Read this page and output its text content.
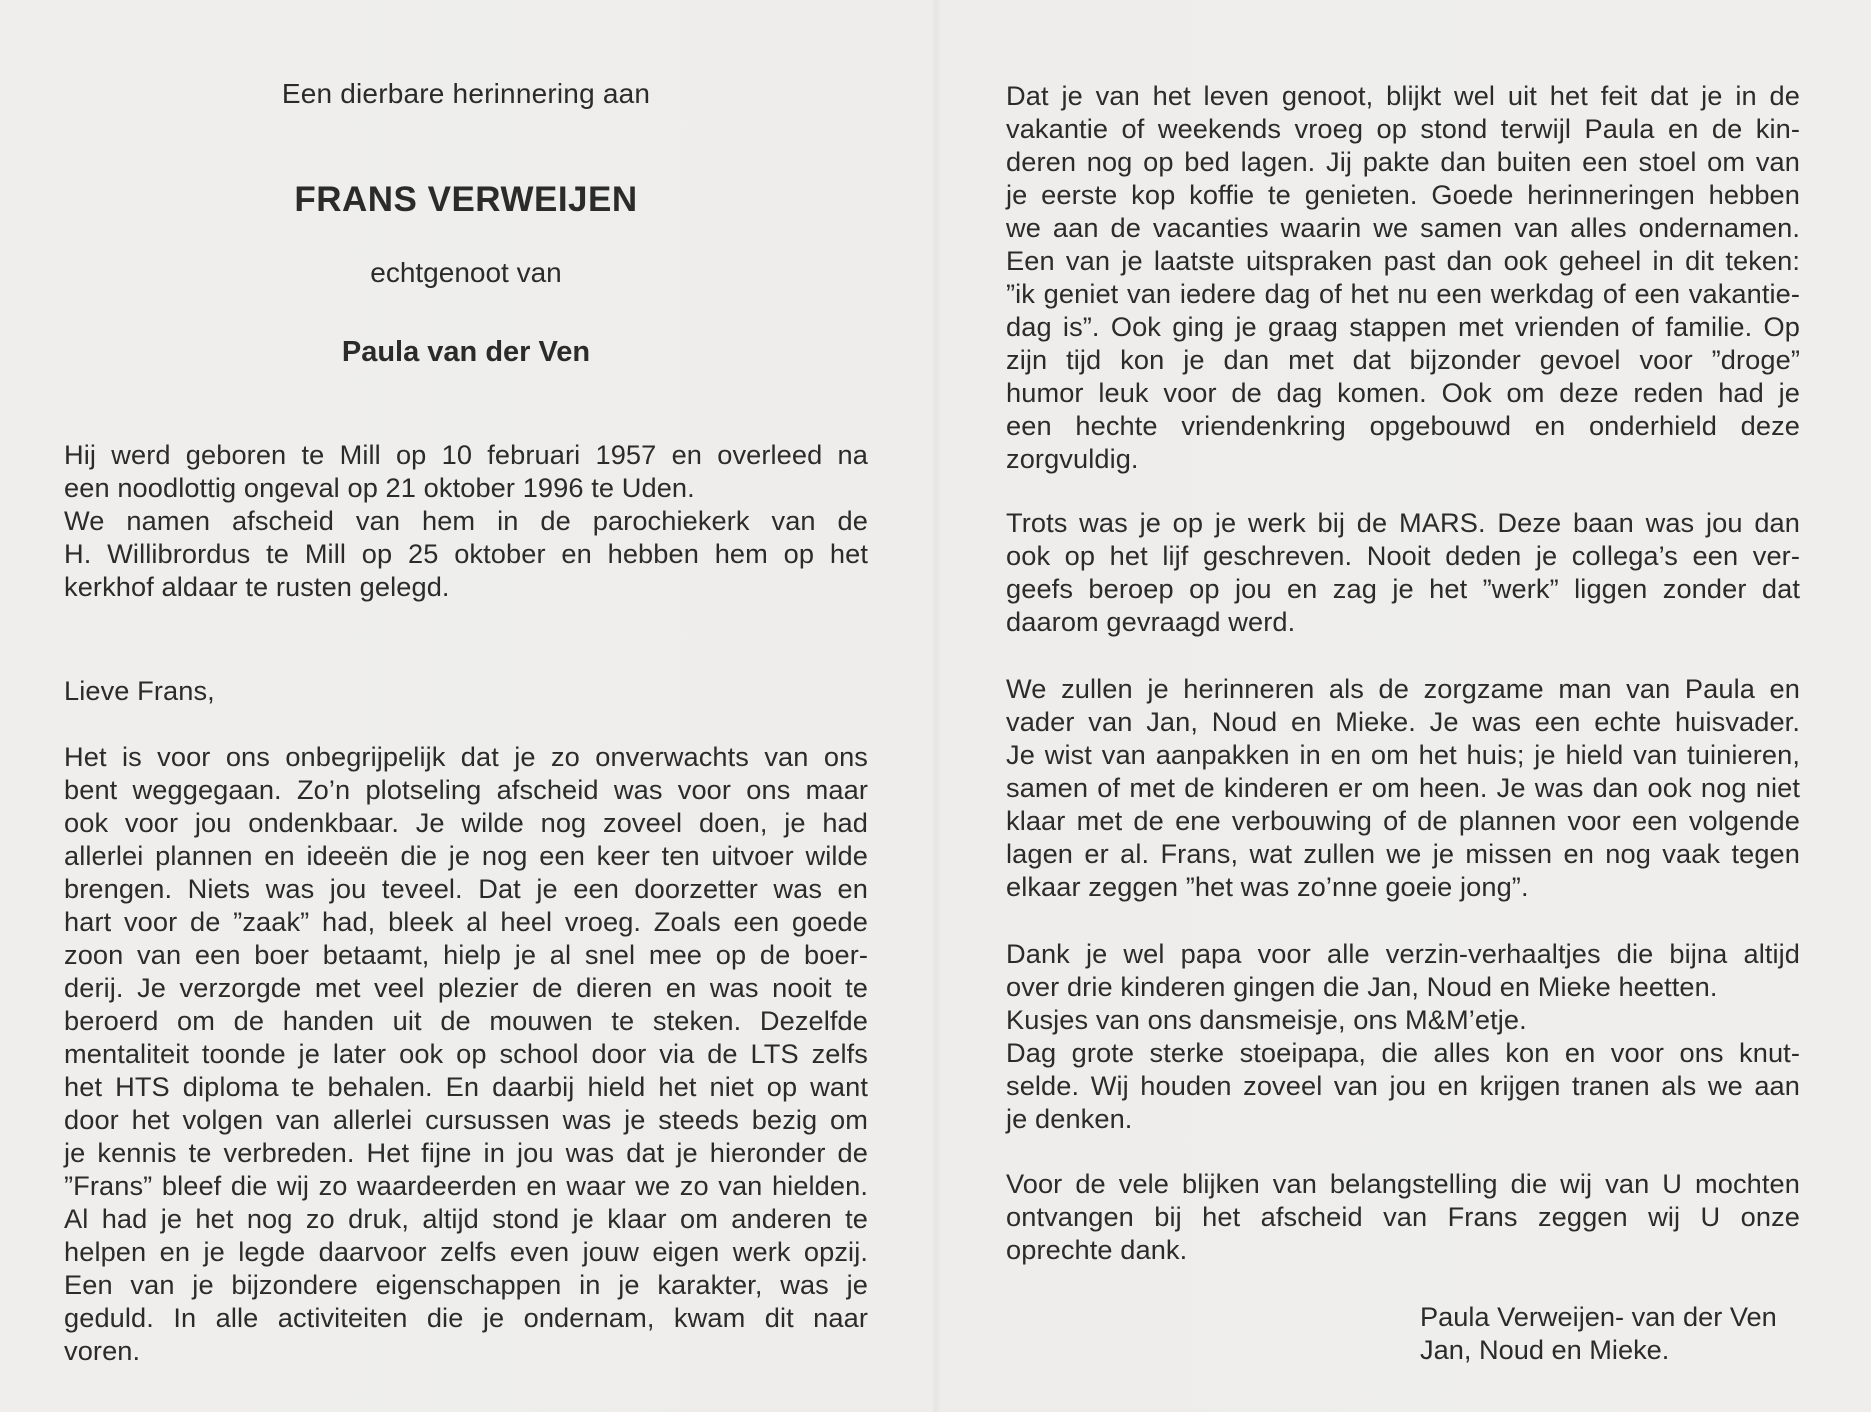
Een dierbare herinnering aan
FRANS VERWEIJEN
echtgenoot van
Paula van der Ven
Hij werd geboren te Mill op 10 februari 1957 en overleed na
een noodlottig ongeval op 21 oktober 1996 te Uden.
We namen afscheid van hem in de parochiekerk van de
H. Willibrordus te Mill op 25 oktober en hebben hem op het
kerkhof aldaar te rusten gelegd.
Lieve Frans,
Het is voor ons onbegrijpelijk dat je zo onverwachts van ons
bent weggegaan. Zo’n plotseling afscheid was voor ons maar
ook voor jou ondenkbaar. Je wilde nog zoveel doen, je had
allerlei plannen en ideeën die je nog een keer ten uitvoer wilde
brengen. Niets was jou teveel. Dat je een doorzetter was en
hart voor de ”zaak” had, bleek al heel vroeg. Zoals een goede
zoon van een boer betaamt, hielp je al snel mee op de boer-
derij. Je verzorgde met veel plezier de dieren en was nooit te
beroerd om de handen uit de mouwen te steken. Dezelfde
mentaliteit toonde je later ook op school door via de LTS zelfs
het HTS diploma te behalen. En daarbij hield het niet op want
door het volgen van allerlei cursussen was je steeds bezig om
je kennis te verbreden. Het fijne in jou was dat je hieronder de
”Frans” bleef die wij zo waardeerden en waar we zo van hielden.
Al had je het nog zo druk, altijd stond je klaar om anderen te
helpen en je legde daarvoor zelfs even jouw eigen werk opzij.
Een van je bijzondere eigenschappen in je karakter, was je
geduld. In alle activiteiten die je ondernam, kwam dit naar
voren.
Dat je van het leven genoot, blijkt wel uit het feit dat je in de
vakantie of weekends vroeg op stond terwijl Paula en de kin-
deren nog op bed lagen. Jij pakte dan buiten een stoel om van
je eerste kop koffie te genieten. Goede herinneringen hebben
we aan de vacanties waarin we samen van alles ondernamen.
Een van je laatste uitspraken past dan ook geheel in dit teken:
”ik geniet van iedere dag of het nu een werkdag of een vakantie-
dag is”. Ook ging je graag stappen met vrienden of familie. Op
zijn tijd kon je dan met dat bijzonder gevoel voor ”droge”
humor leuk voor de dag komen. Ook om deze reden had je
een hechte vriendenkring opgebouwd en onderhield deze
zorgvuldig.
Trots was je op je werk bij de MARS. Deze baan was jou dan
ook op het lijf geschreven. Nooit deden je collega’s een ver-
geefs beroep op jou en zag je het ”werk” liggen zonder dat
daarom gevraagd werd.
We zullen je herinneren als de zorgzame man van Paula en
vader van Jan, Noud en Mieke. Je was een echte huisvader.
Je wist van aanpakken in en om het huis; je hield van tuinieren,
samen of met de kinderen er om heen. Je was dan ook nog niet
klaar met de ene verbouwing of de plannen voor een volgende
lagen er al. Frans, wat zullen we je missen en nog vaak tegen
elkaar zeggen ”het was zo’nne goeie jong”.
Dank je wel papa voor alle verzin-verhaaltjes die bijna altijd
over drie kinderen gingen die Jan, Noud en Mieke heetten.
Kusjes van ons dansmeisje, ons M&M’etje.
Dag grote sterke stoeipapa, die alles kon en voor ons knut-
selde. Wij houden zoveel van jou en krijgen tranen als we aan
je denken.
Voor de vele blijken van belangstelling die wij van U mochten
ontvangen bij het afscheid van Frans zeggen wij U onze
oprechte dank.
Paula Verweijen- van der Ven
Jan, Noud en Mieke.
